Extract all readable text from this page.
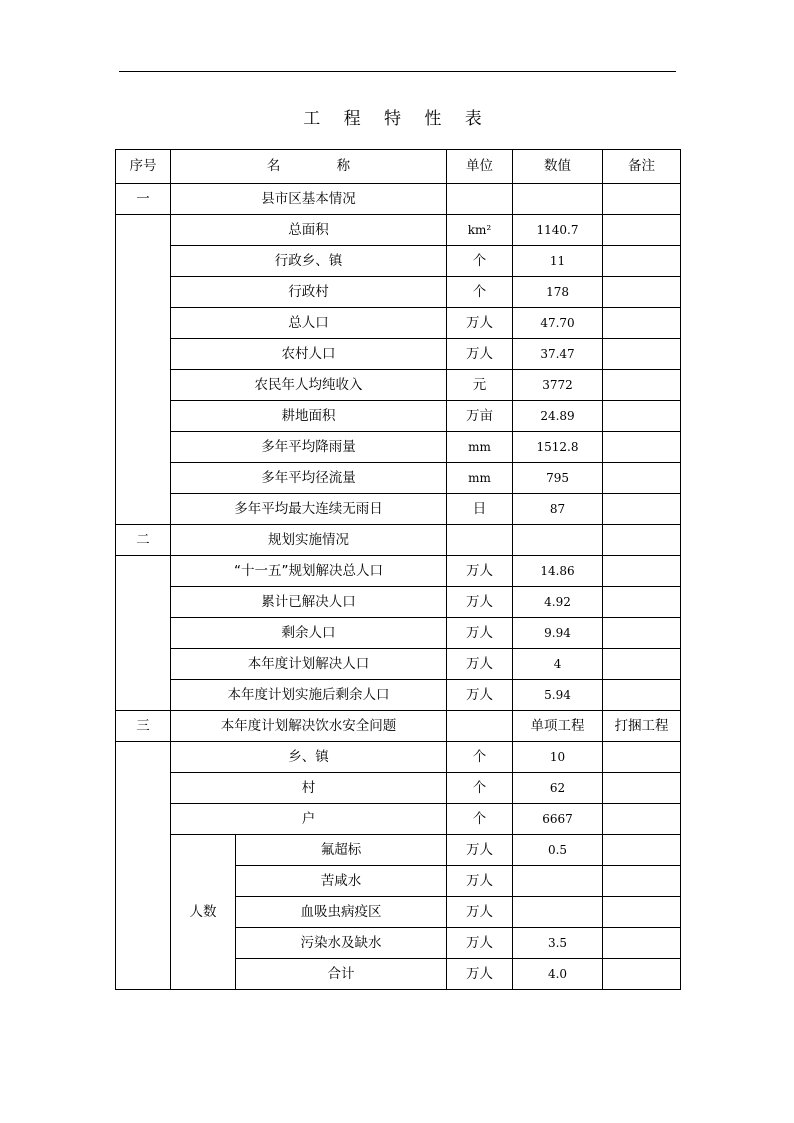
工 程 特 性 表
序号	名 称		单位	数值	备注
一	县市区基本情况				
	总面积		km²	1140.7	
	行政乡、镇		个	11	
	行政村		个	178	
	总人口		万人	47.70	
	农村人口		万人	37.47	
	农民年人均纯收入		元	3772	
	耕地面积		万亩	24.89	
	多年平均降雨量		mm	1512.8	
	多年平均径流量		mm	795	
	多年平均最大连续无雨日		日	87	
二	规划实施情况				
	“十一五”规划解决总人口		万人	14.86	
	累计已解决人口		万人	4.92	
	剩余人口		万人	9.94	
	本年度计划解决人口		万人	4	
	本年度计划实施后剩余人口		万人	5.94	
三	本年度计划解决饮水安全问题			单项工程	打捆工程
	乡、镇		个	10	
	村		个	62	
	户		个	6667	
	人数	氟超标	万人	0.5	
		苦咸水	万人		
		血吸虫病疫区	万人		
		污染水及缺水	万人	3.5	
		合计	万人	4.0	
